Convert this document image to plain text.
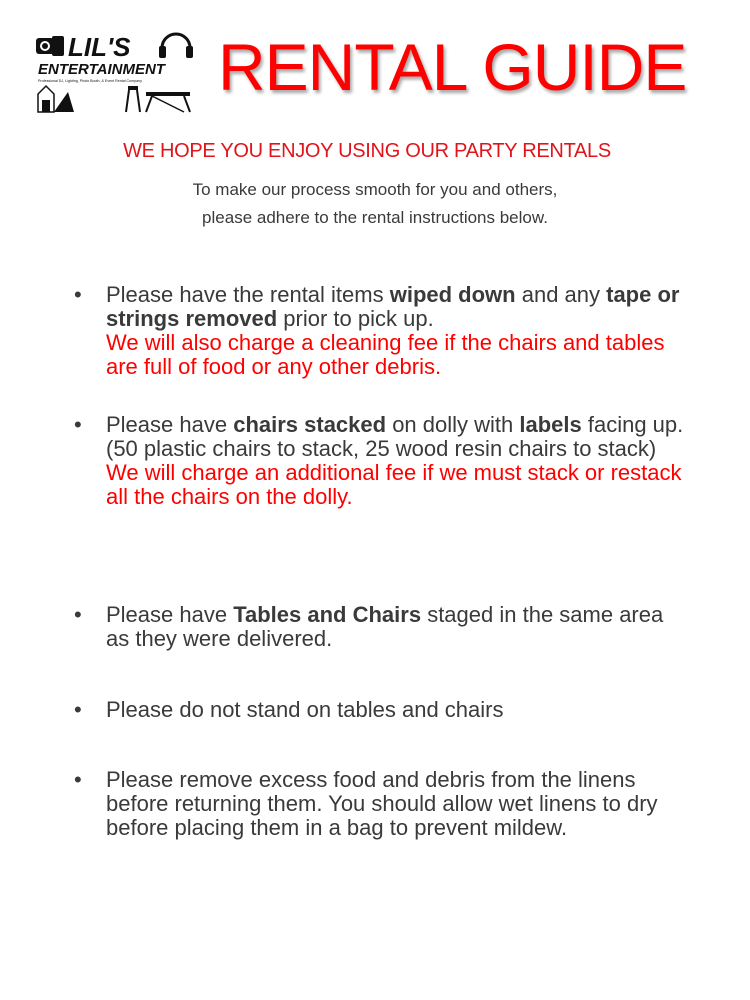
LIL'S
ENTERTAINMENT
Professional DJ, Lighting, Photo Booth, & Event Rental Company RENTAL GUIDE
WE HOPE YOU ENJOY USING OUR PARTY RENTALS
To make our process smooth for you and others,
please adhere to the rental instructions below.
• Please have the rental items wiped down and any tape or strings removed prior to pick up.
We will also charge a cleaning fee if the chairs and tables are full of food or any other debris.
• Please have chairs stacked on dolly with labels facing up.
(50 plastic chairs to stack, 25 wood resin chairs to stack)
We will charge an additional fee if we must stack or restack all the chairs on the dolly.
• Please have Tables and Chairs staged in the same area as they were delivered.
• Please do not stand on tables and chairs
• Please remove excess food and debris from the linens before returning them. You should allow wet linens to dry before placing them in a bag to prevent mildew.
